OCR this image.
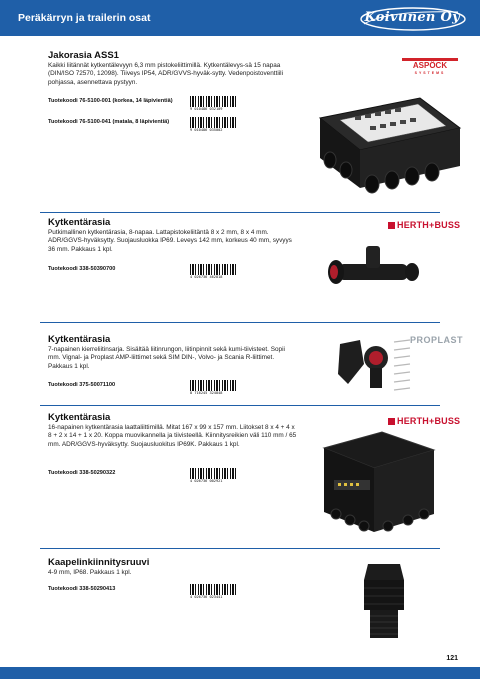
Peräkärryn ja trailerin osat	Koivunen Oy
Jakorasia ASS1
Kaikki liitännät kytkentälevyyn 6,3 mm pistokeliittimillä. Kytkentälevys-sä 15 napaa (DIN/ISO 72570, 12098). Tiiveys IP54, ADR/GVVS-hyväk-sytty. Vedenpoistoventtiili pohjassa, asennettava pystyyn.
Tuotekoodi 76-5100-001 (korkea, 14 läpivientiä)
9 010486 032109
Tuotekoodi 76-5100-041 (matala, 8 läpivientiä)
9 010486 035002
ASPÖCK
SYSTEMS
Kytkentärasia
Putkimallinen kytkentärasia, 8-napaa. Lattapistokeliitäntä 8 x 2 mm, 8 x 4 mm. ADR/GGVS-hyväksytty. Suojausluokka IP69. Leveys 142 mm, korkeus 40 mm, syvyys 36 mm. Pakkaus 1 kpl.
Tuotekoodi 338-50390700
4 026736 462818
HERTH+BUSS
Kytkentärasia
7-napainen kierreliitinsarja. Sisältää liitinrungon, liitinpinnit sekä kumi-tiivisteet. Sopii mm. Vignal- ja Proplast AMP-liittimet sekä SIM DIN-, Volvo- ja Scania R-liittimet. Pakkaus 1 kpl.
Tuotekoodi 375-50071100
8 716245 324848
PROPLAST
Kytkentärasia
16-napainen kytkentärasia laattaliittimillä. Mitat 167 x 99 x 157 mm. Liitokset 8 x 4 + 4 x 8 + 2 x 14 + 1 x 20. Koppa muovikannella ja tiivisteellä. Kiinnitysreikien väli 110 mm / 65 mm. ADR/GGVS-hyväksytty. Suojausluokitus IP69K. Pakkaus 1 kpl.
Tuotekoodi 338-50290322
4 026736 002921
HERTH+BUSS
Kaapelinkiinnitysruuvi
4-9 mm, IP68. Pakkaus 1 kpl.
Tuotekoodi 338-50290413
4 026736 023441
121
